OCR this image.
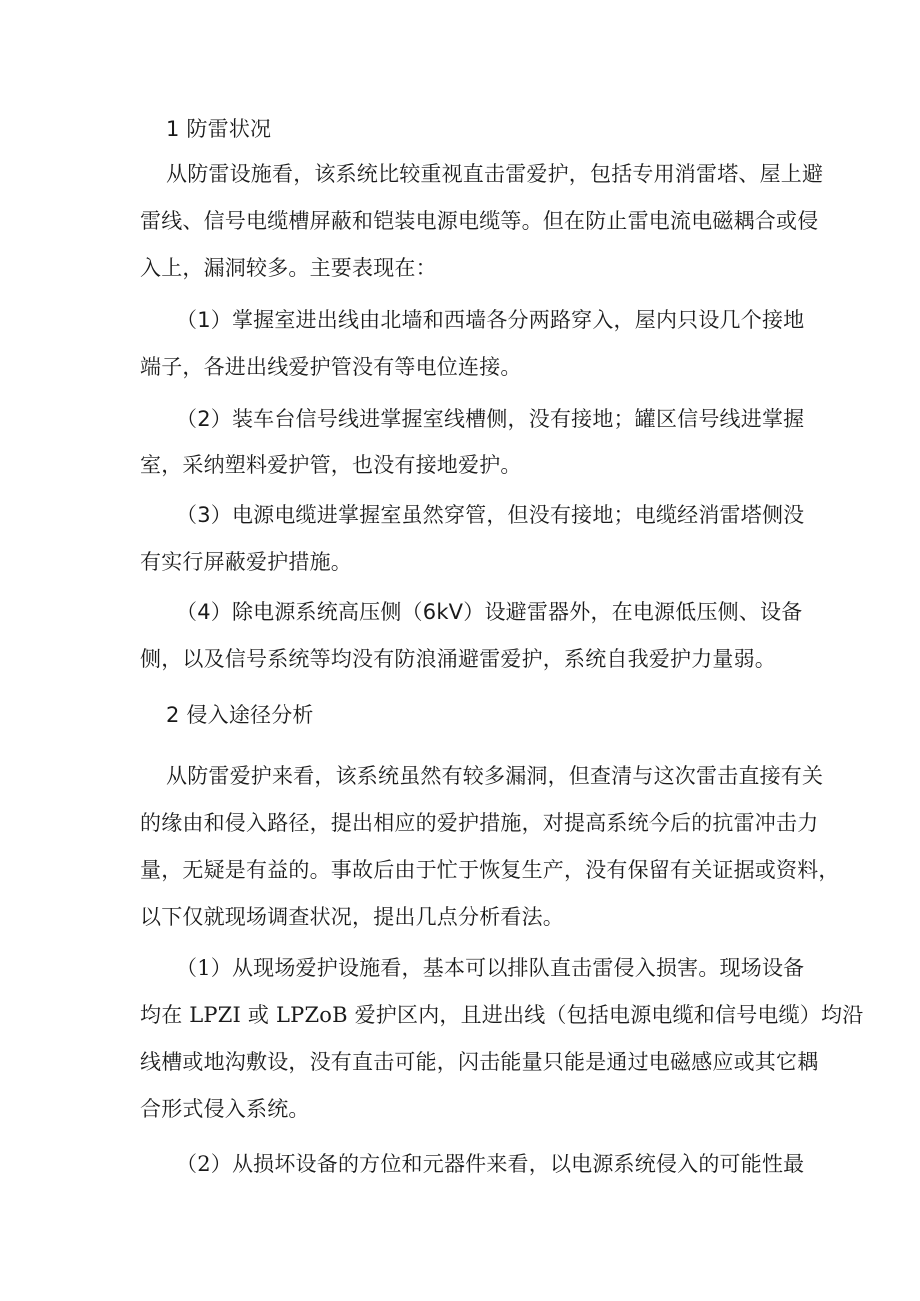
1 防雷状况
从防雷设施看，该系统比较重视直击雷爱护，包括专用消雷塔、屋上避
雷线、信号电缆槽屏蔽和铠装电源电缆等。但在防止雷电流电磁耦合或侵
入上，漏洞较多。主要表现在：
（1）掌握室进出线由北墙和西墙各分两路穿入，屋内只设几个接地
端子，各进出线爱护管没有等电位连接。
（2）装车台信号线进掌握室线槽侧，没有接地；罐区信号线进掌握
室，采纳塑料爱护管，也没有接地爱护。
（3）电源电缆进掌握室虽然穿管，但没有接地；电缆经消雷塔侧没
有实行屏蔽爱护措施。
（4）除电源系统高压侧（6kV）设避雷器外，在电源低压侧、设备
侧，以及信号系统等均没有防浪涌避雷爱护，系统自我爱护力量弱。
2 侵入途径分析
从防雷爱护来看，该系统虽然有较多漏洞，但查清与这次雷击直接有关
的缘由和侵入路径，提出相应的爱护措施，对提高系统今后的抗雷冲击力
量，无疑是有益的。事故后由于忙于恢复生产，没有保留有关证据或资料，
以下仅就现场调查状况，提出几点分析看法。
（1）从现场爱护设施看，基本可以排队直击雷侵入损害。现场设备
均在 LPZI 或 LPZoB 爱护区内，且进出线（包括电源电缆和信号电缆）均沿
线槽或地沟敷设，没有直击可能，闪击能量只能是通过电磁感应或其它耦
合形式侵入系统。
（2）从损坏设备的方位和元器件来看，以电源系统侵入的可能性最
